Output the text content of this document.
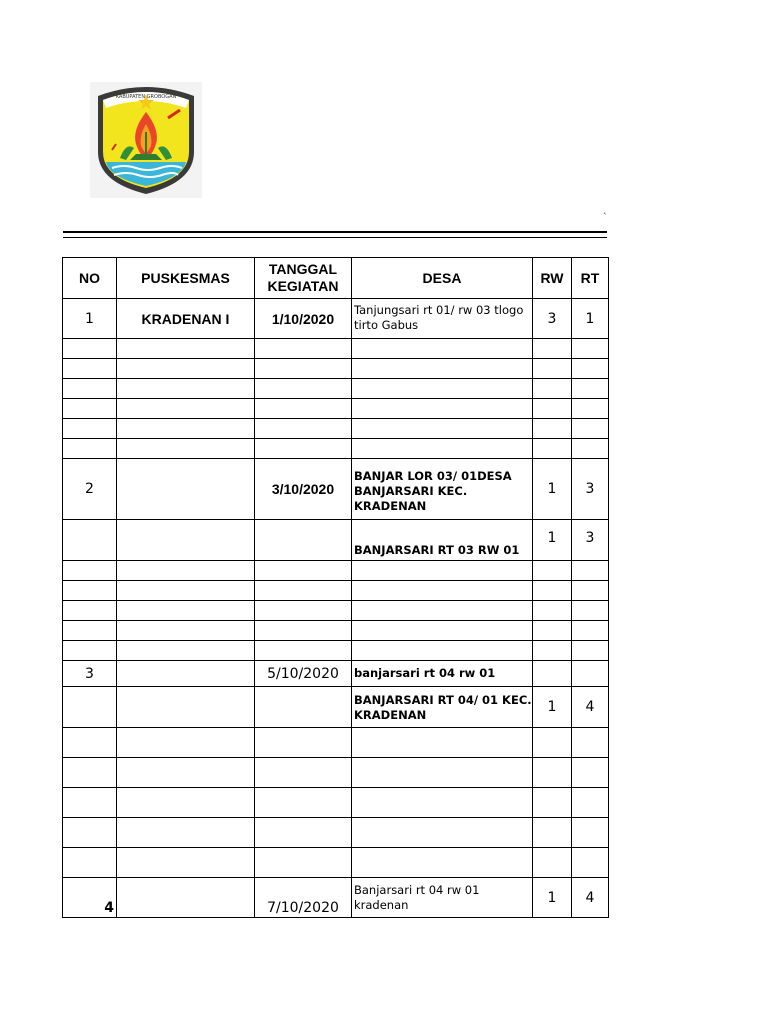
KABUPATEN GROBOGAN
`
NO	PUSKESMAS	TANGGAL KEGIATAN	DESA	RW	RT
1	KRADENAN I	1/10/2020	Tanjungsari rt 01/ rw 03 tlogo tirto Gabus	3	1

2		3/10/2020	BANJAR LOR 03/ 01DESA BANJARSARI KEC. KRADENAN	1	3
			BANJARSARI RT 03 RW 01	1	3

3		5/10/2020	banjarsari rt 04 rw 01		
			BANJARSARI RT 04/ 01 KEC. KRADENAN	1	4

4		7/10/2020	Banjarsari rt 04 rw 01 kradenan	1	4
